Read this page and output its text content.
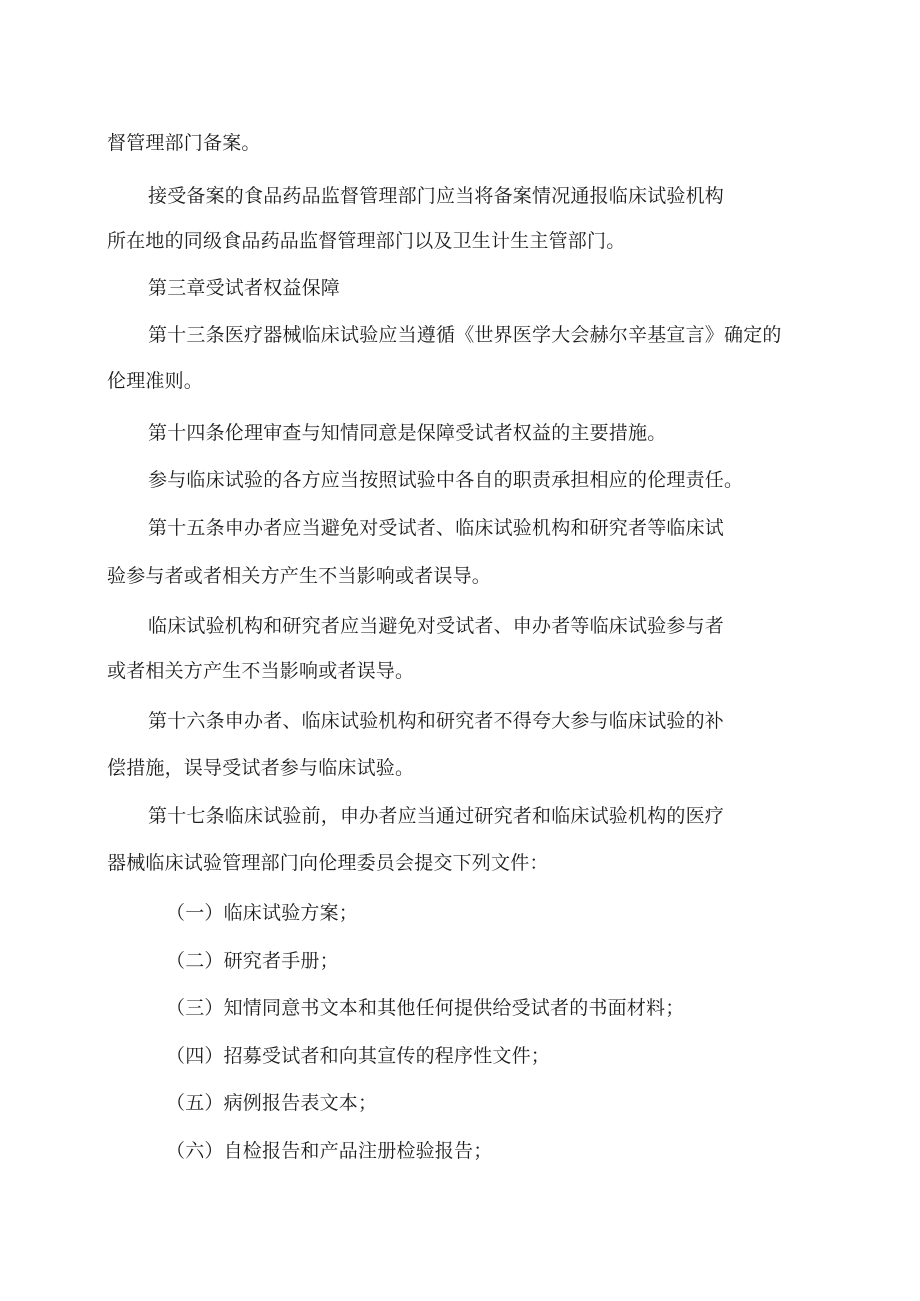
督管理部门备案。
接受备案的食品药品监督管理部门应当将备案情况通报临床试验机构
所在地的同级食品药品监督管理部门以及卫生计生主管部门。
第三章受试者权益保障
第十三条医疗器械临床试验应当遵循《世界医学大会赫尔辛基宣言》确定的
伦理准则。
第十四条伦理审查与知情同意是保障受试者权益的主要措施。
参与临床试验的各方应当按照试验中各自的职责承担相应的伦理责任。
第十五条申办者应当避免对受试者、临床试验机构和研究者等临床试
验参与者或者相关方产生不当影响或者误导。
临床试验机构和研究者应当避免对受试者、申办者等临床试验参与者
或者相关方产生不当影响或者误导。
第十六条申办者、临床试验机构和研究者不得夸大参与临床试验的补
偿措施，误导受试者参与临床试验。
第十七条临床试验前，申办者应当通过研究者和临床试验机构的医疗
器械临床试验管理部门向伦理委员会提交下列文件：
（一）临床试验方案；
（二）研究者手册；
（三）知情同意书文本和其他任何提供给受试者的书面材料；
（四）招募受试者和向其宣传的程序性文件；
（五）病例报告表文本；
（六）自检报告和产品注册检验报告；
